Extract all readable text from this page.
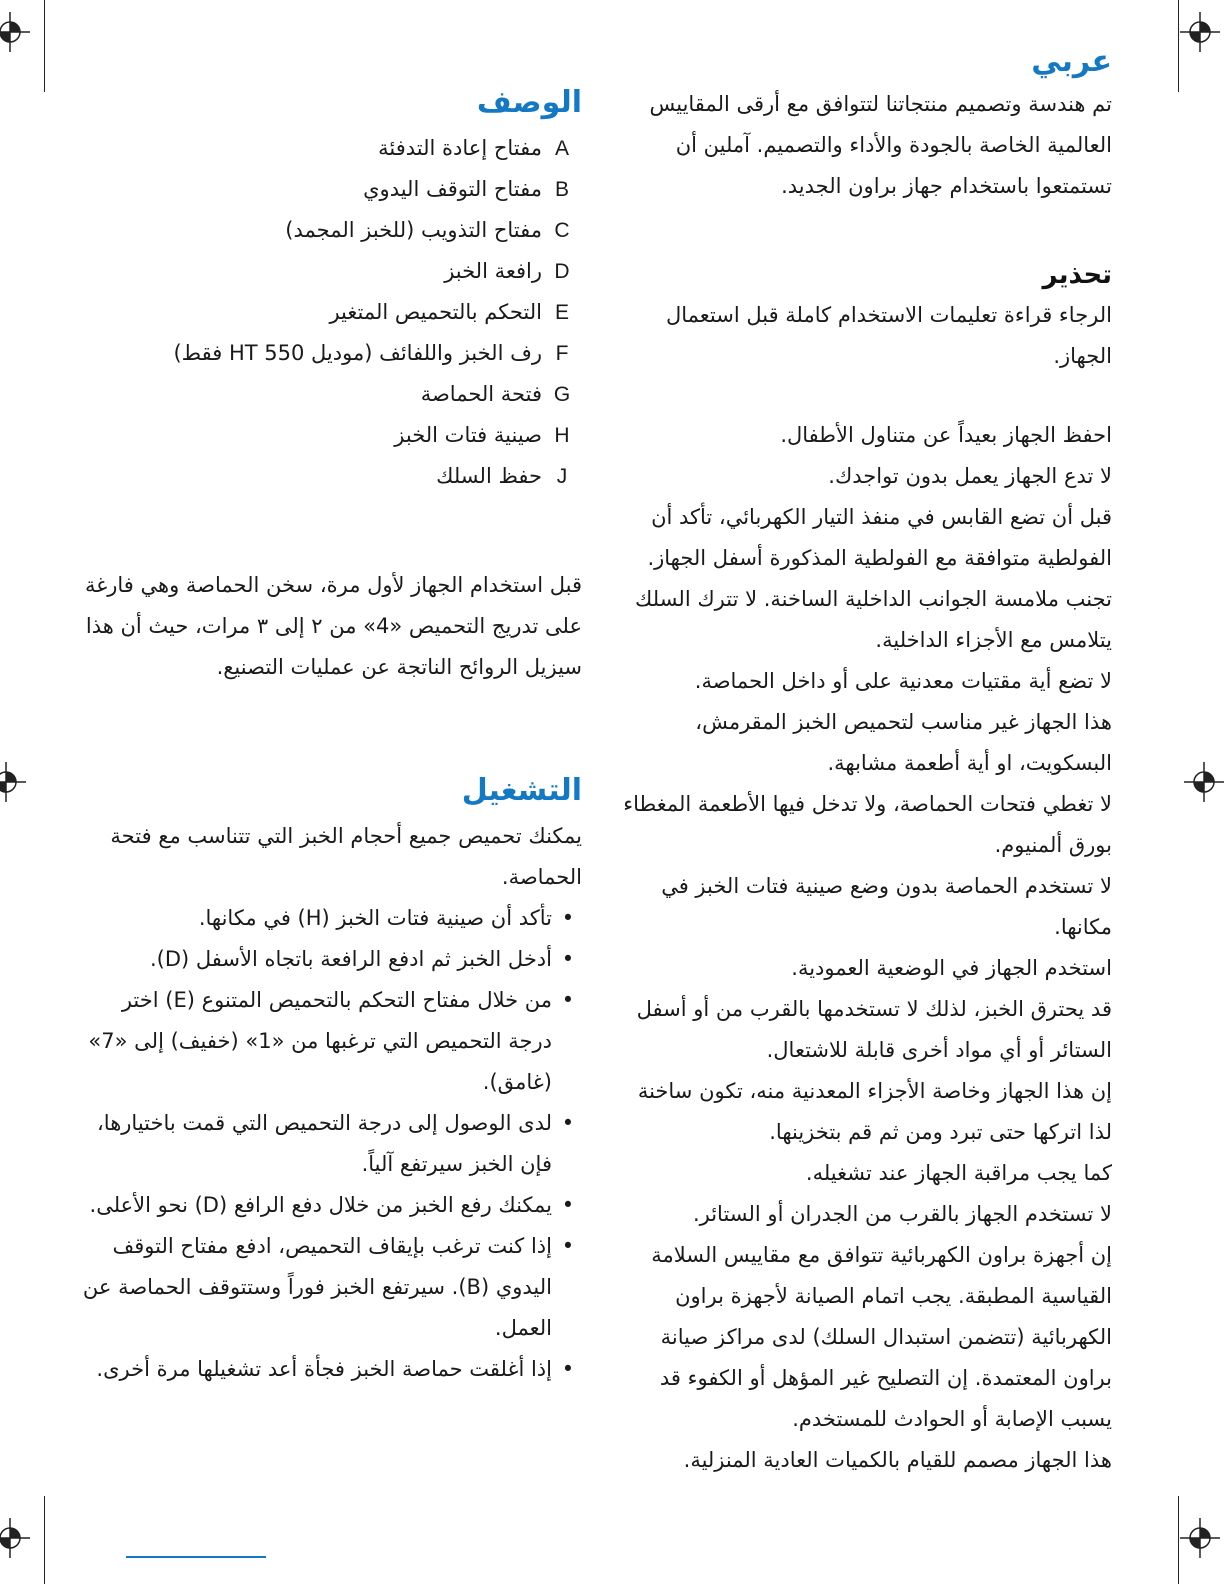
عربي

تم هندسة وتصميم منتجاتنا لتتوافق مع أرقى المقاييس العالمية الخاصة بالجودة والأداء والتصميم. آملين أن تستمتعوا باستخدام جهاز براون الجديد.

تحذير

الرجاء قراءة تعليمات الاستخدام كاملة قبل استعمال الجهاز.

احفظ الجهاز بعيداً عن متناول الأطفال.

لا تدع الجهاز يعمل بدون تواجدك.

قبل أن تضع القابس في منفذ التيار الكهربائي، تأكد أن الفولطية متوافقة مع الفولطية المذكورة أسفل الجهاز.

تجنب ملامسة الجوانب الداخلية الساخنة. لا تترك السلك يتلامس مع الأجزاء الداخلية.

لا تضع أية مقتيات معدنية على أو داخل الحماصة.

هذا الجهاز غير مناسب لتحميص الخبز المقرمش،

البسكويت، او أية أطعمة مشابهة.

لا تغطي فتحات الحماصة، ولا تدخل فيها الأطعمة المغطاء بورق ألمنيوم.

لا تستخدم الحماصة بدون وضع صينية فتات الخبز في مكانها.

استخدم الجهاز في الوضعية العمودية.

قد يحترق الخبز، لذلك لا تستخدمها بالقرب من أو أسفل الستائر أو أي مواد أخرى قابلة للاشتعال.

إن هذا الجهاز وخاصة الأجزاء المعدنية منه، تكون ساخنة لذا اتركها حتى تبرد ومن ثم قم بتخزينها.

كما يجب مراقبة الجهاز عند تشغيله.

لا تستخدم الجهاز بالقرب من الجدران أو الستائر.

إن أجهزة براون الكهربائية تتوافق مع مقاييس السلامة القياسية المطبقة. يجب اتمام الصيانة لأجهزة براون الكهربائية (تتضمن استبدال السلك) لدى مراكز صيانة براون المعتمدة. إن التصليح غير المؤهل أو الكفوء قد يسبب الإصابة أو الحوادث للمستخدم.

هذا الجهاز مصمم للقيام بالكميات العادية المنزلية.

الوصف
Aمفتاح إعادة التدفئة
Bمفتاح التوقف اليدوي
Cمفتاح التذويب (للخبز المجمد)
Dرافعة الخبز
Eالتحكم بالتحميص المتغير
Fرف الخبز واللفائف (موديل HT 550 فقط)
Gفتحة الحماصة
Hصينية فتات الخبز
Jحفظ السلك

قبل استخدام الجهاز لأول مرة، سخن الحماصة وهي فارغة على تدريج التحميص «4» من ٢ إلى ٣ مرات، حيث أن هذا سيزيل الروائح الناتجة عن عمليات التصنيع.

التشغيل

يمكنك تحميص جميع أحجام الخبز التي تتناسب مع فتحة الحماصة.

•
تأكد أن صينية فتات الخبز (H) في مكانها.
•
أدخل الخبز ثم ادفع الرافعة باتجاه الأسفل (D).
•
من خلال مفتاح التحكم بالتحميص المتنوع (E) اختر درجة التحميص التي ترغبها من «1» (خفيف) إلى «7» (غامق).
•
لدى الوصول إلى درجة التحميص التي قمت باختيارها، فإن الخبز سيرتفع آلياً.
•
يمكنك رفع الخبز من خلال دفع الرافع (D) نحو الأعلى.
•
إذا كنت ترغب بإيقاف التحميص، ادفع مفتاح التوقف اليدوي (B). سيرتفع الخبز فوراً وستتوقف الحماصة عن العمل.
•
إذا أغلقت حماصة الخبز فجأة أعد تشغيلها مرة أخرى.
